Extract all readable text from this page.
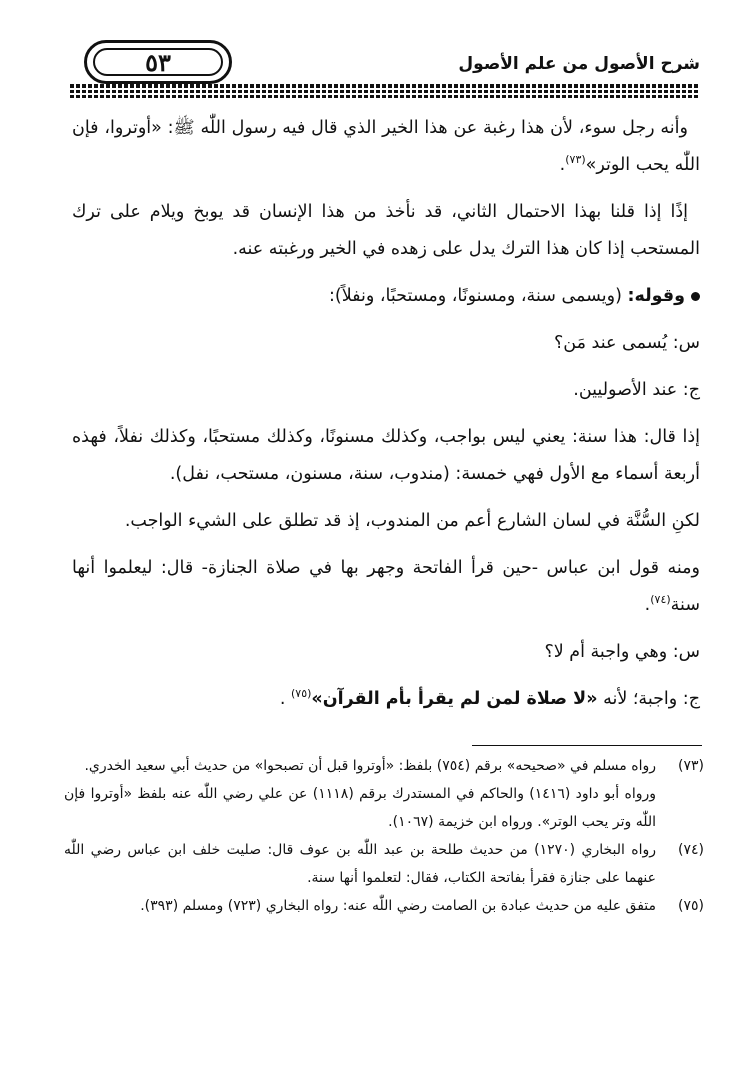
٥٣	شرح الأصول من علم الأصول

وأنه رجل سوء، لأن هذا رغبة عن هذا الخير الذي قال فيه رسول اللّٰه ﷺ: «أوتروا، فإن اللّٰه يحب الوتر»$^{(٧٣)}$.

إذًا إذا قلنا بهذا الاحتمال الثاني، قد نأخذ من هذا الإنسان قد يوبخ ويلام على ترك المستحب إذا كان هذا الترك يدل على زهده في الخير ورغبته عنه.

وقوله: (ويسمى سنة، ومسنونًا، ومستحبًا، ونفلاً):

س: يُسمى عند مَن؟

ج: عند الأصوليين.

إذا قال: هذا سنة: يعني ليس بواجب، وكذلك مسنونًا، وكذلك مستحبًا، وكذلك نفلاً، فهذه أربعة أسماء مع الأول فهي خمسة: (مندوب، سنة، مسنون، مستحب، نفل).

لكنِ السُّنَّة في لسان الشارع أعم من المندوب، إذ قد تطلق على الشيء الواجب.

ومنه قول ابن عباس -حين قرأ الفاتحة وجهر بها في صلاة الجنازة- قال: ليعلموا أنها سنة$^{(٧٤)}$.

س: وهي واجبة أم لا؟

ج: واجبة؛ لأنه «لا صلاة لمن لم يقرأ بأم القرآن»$^{(٧٥)}$ .

(٧٣)

رواه مسلم في «صحيحه» برقم (٧٥٤) بلفظ: «أوتروا قبل أن تصبحوا» من حديث أبي سعيد الخدري.

ورواه أبو داود (١٤١٦) والحاكم في المستدرك برقم (١١١٨) عن علي رضي اللّٰه عنه بلفظ «أوتروا فإن اللّٰه وتر يحب الوتر». ورواه ابن خزيمة (١٠٦٧).

(٧٤)

رواه البخاري (١٢٧٠) من حديث طلحة بن عبد اللّٰه بن عوف قال: صليت خلف ابن عباس رضي اللّٰه عنهما على جنازة فقرأ بفاتحة الكتاب، فقال: لتعلموا أنها سنة.

(٧٥)

متفق عليه من حديث عبادة بن الصامت رضي اللّٰه عنه: رواه البخاري (٧٢٣) ومسلم (٣٩٣).
